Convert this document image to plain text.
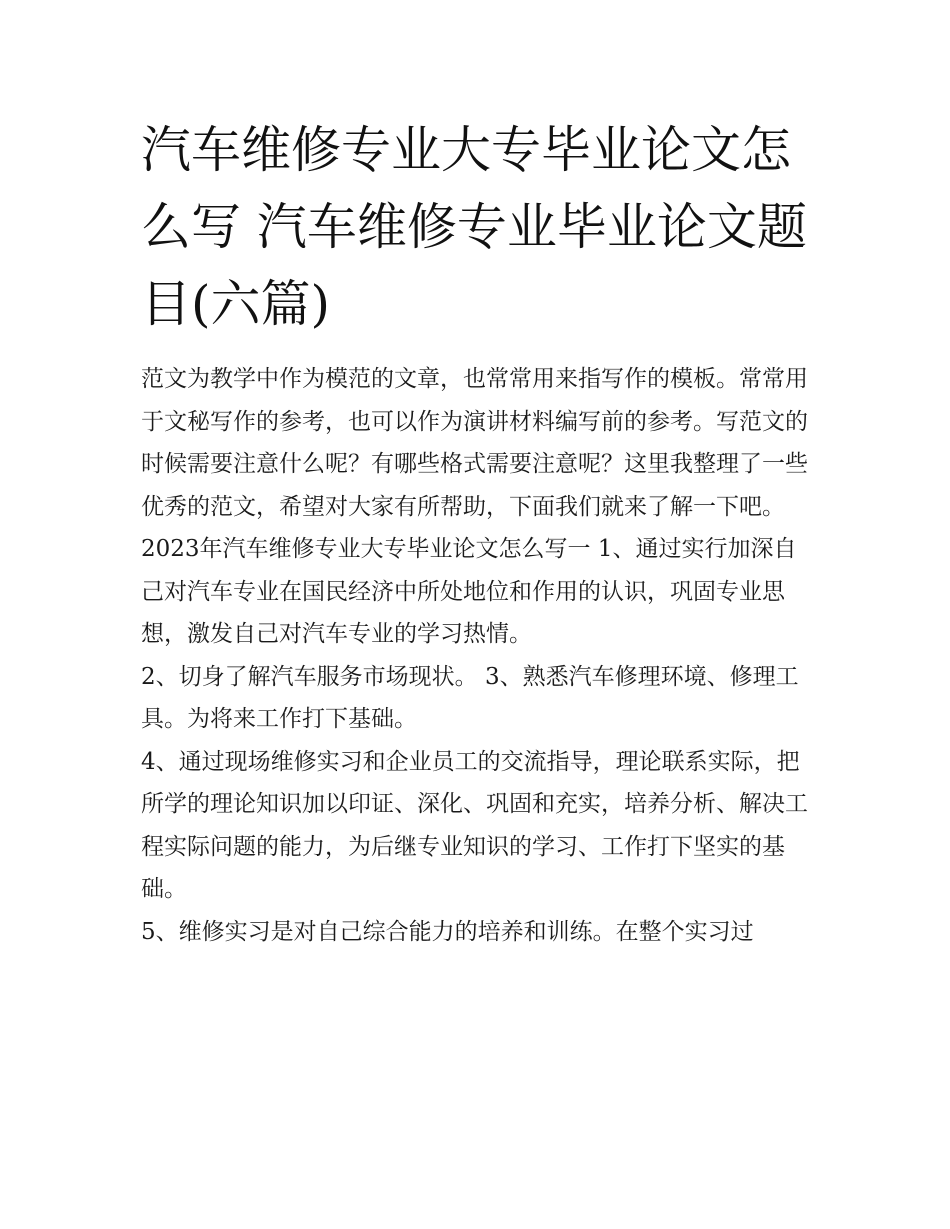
汽车维修专业大专毕业论文怎么写 汽车维修专业毕业论文题目(六篇)

范文为教学中作为模范的文章，也常常用来指写作的模板。常常用于文秘写作的参考，也可以作为演讲材料编写前的参考。写范文的时候需要注意什么呢？有哪些格式需要注意呢？这里我整理了一些优秀的范文，希望对大家有所帮助，下面我们就来了解一下吧。

2023年汽车维修专业大专毕业论文怎么写一 1、通过实行加深自己对汽车专业在国民经济中所处地位和作用的认识，巩固专业思想，激发自己对汽车专业的学习热情。

2、切身了解汽车服务市场现状。 3、熟悉汽车修理环境、修理工具。为将来工作打下基础。

4、通过现场维修实习和企业员工的交流指导，理论联系实际，把所学的理论知识加以印证、深化、巩固和充实，培养分析、解决工程实际问题的能力，为后继专业知识的学习、工作打下坚实的基础。

5、维修实习是对自己综合能力的培养和训练。在整个实习过
